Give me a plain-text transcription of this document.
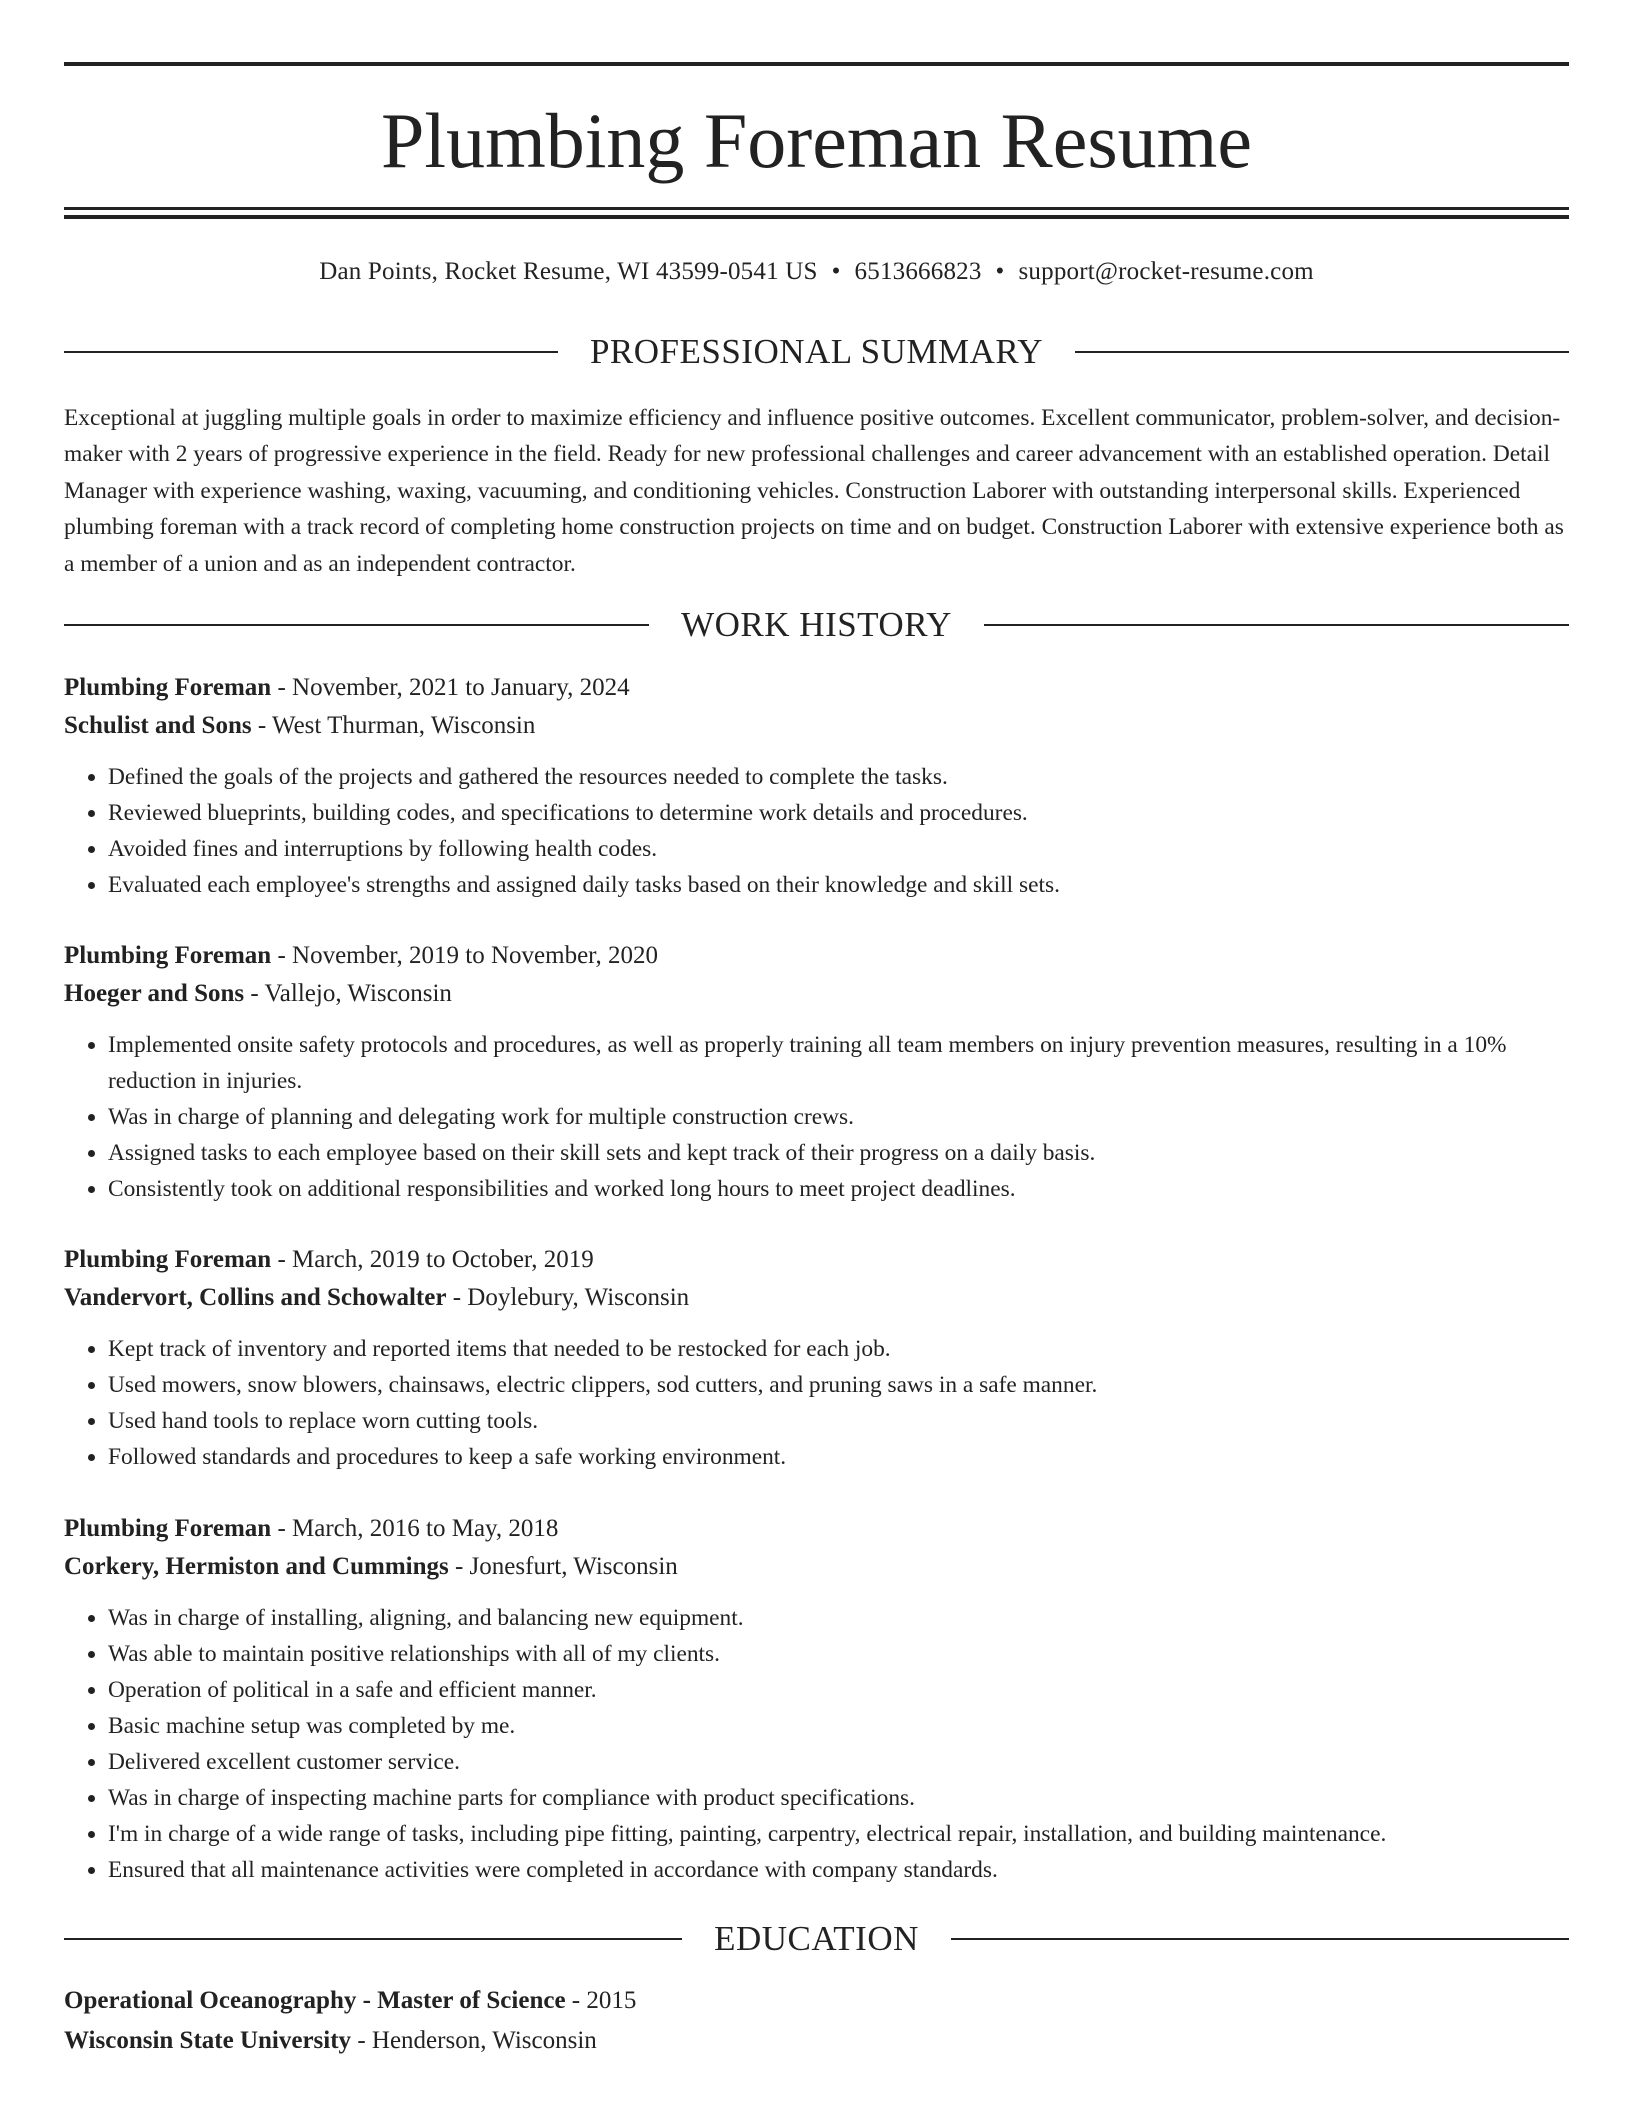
Plumbing Foreman Resume
Dan Points, Rocket Resume, WI 43599-0541 US • 6513666823 • support@rocket-resume.com
PROFESSIONAL SUMMARY
Exceptional at juggling multiple goals in order to maximize efficiency and influence positive outcomes. Excellent communicator, problem-solver, and decision-maker with 2 years of progressive experience in the field. Ready for new professional challenges and career advancement with an established operation. Detail Manager with experience washing, waxing, vacuuming, and conditioning vehicles. Construction Laborer with outstanding interpersonal skills. Experienced plumbing foreman with a track record of completing home construction projects on time and on budget. Construction Laborer with extensive experience both as a member of a union and as an independent contractor.
WORK HISTORY
Plumbing Foreman - November, 2021 to January, 2024
Schulist and Sons - West Thurman, Wisconsin
• Defined the goals of the projects and gathered the resources needed to complete the tasks.
• Reviewed blueprints, building codes, and specifications to determine work details and procedures.
• Avoided fines and interruptions by following health codes.
• Evaluated each employee's strengths and assigned daily tasks based on their knowledge and skill sets.
Plumbing Foreman - November, 2019 to November, 2020
Hoeger and Sons - Vallejo, Wisconsin
• Implemented onsite safety protocols and procedures, as well as properly training all team members on injury prevention measures, resulting in a 10% reduction in injuries.
• Was in charge of planning and delegating work for multiple construction crews.
• Assigned tasks to each employee based on their skill sets and kept track of their progress on a daily basis.
• Consistently took on additional responsibilities and worked long hours to meet project deadlines.
Plumbing Foreman - March, 2019 to October, 2019
Vandervort, Collins and Schowalter - Doylebury, Wisconsin
• Kept track of inventory and reported items that needed to be restocked for each job.
• Used mowers, snow blowers, chainsaws, electric clippers, sod cutters, and pruning saws in a safe manner.
• Used hand tools to replace worn cutting tools.
• Followed standards and procedures to keep a safe working environment.
Plumbing Foreman - March, 2016 to May, 2018
Corkery, Hermiston and Cummings - Jonesfurt, Wisconsin
• Was in charge of installing, aligning, and balancing new equipment.
• Was able to maintain positive relationships with all of my clients.
• Operation of political in a safe and efficient manner.
• Basic machine setup was completed by me.
• Delivered excellent customer service.
• Was in charge of inspecting machine parts for compliance with product specifications.
• I'm in charge of a wide range of tasks, including pipe fitting, painting, carpentry, electrical repair, installation, and building maintenance.
• Ensured that all maintenance activities were completed in accordance with company standards.
EDUCATION
Operational Oceanography - Master of Science - 2015
Wisconsin State University - Henderson, Wisconsin
